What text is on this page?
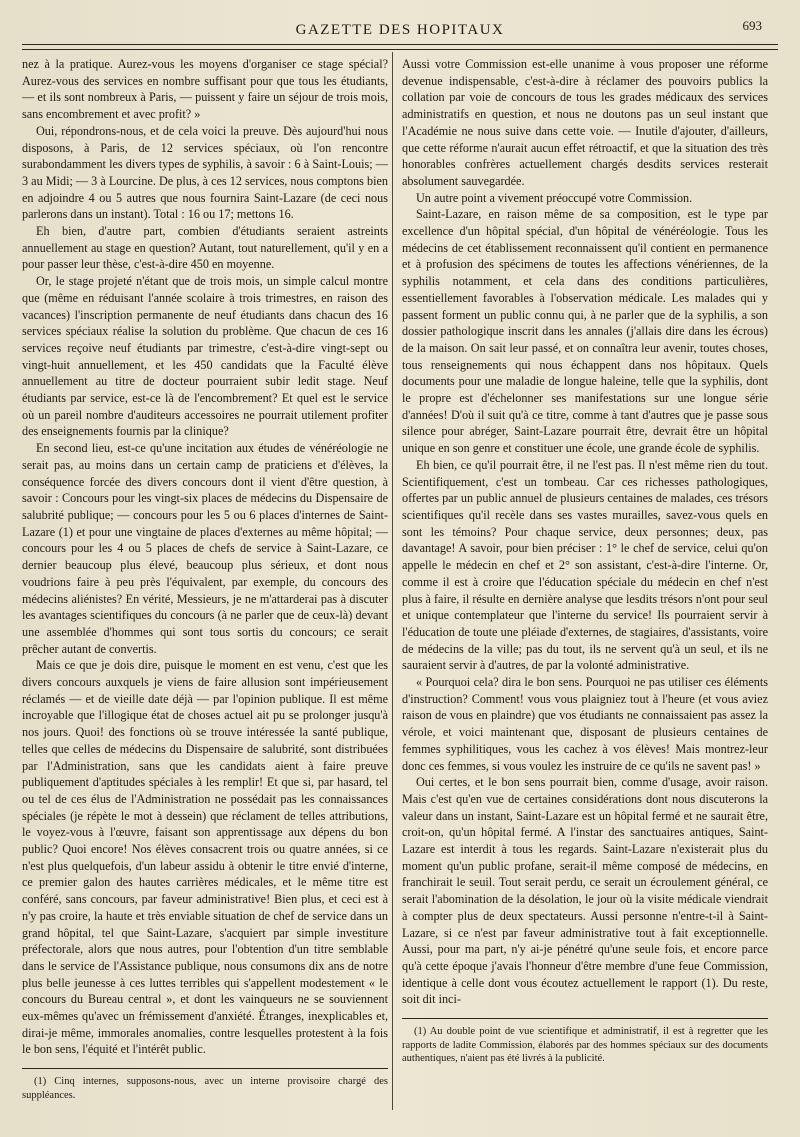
GAZETTE DES HOPITAUX	693

nez à la pratique. Aurez-vous les moyens d'organiser ce stage spécial? Aurez-vous des services en nombre suffisant pour que tous les étudiants, — et ils sont nombreux à Paris, — puissent y faire un séjour de trois mois, sans encombrement et avec profit? »

Oui, répondrons-nous, et de cela voici la preuve. Dès aujourd'hui nous disposons, à Paris, de 12 services spéciaux, où l'on rencontre surabondamment les divers types de syphilis, à savoir : 6 à Saint-Louis; — 3 au Midi; — 3 à Lourcine. De plus, à ces 12 services, nous comptons bien en adjoindre 4 ou 5 autres que nous fournira Saint-Lazare (de ceci nous parlerons dans un instant). Total : 16 ou 17; mettons 16.

Eh bien, d'autre part, combien d'étudiants seraient astreints annuellement au stage en question? Autant, tout naturellement, qu'il y en a pour passer leur thèse, c'est-à-dire 450 en moyenne.

Or, le stage projeté n'étant que de trois mois, un simple calcul montre que (même en réduisant l'année scolaire à trois trimestres, en raison des vacances) l'inscription permanente de neuf étudiants dans chacun des 16 services spéciaux réalise la solution du problème. Que chacun de ces 16 services reçoive neuf étudiants par trimestre, c'est-à-dire vingt-sept ou vingt-huit annuellement, et les 450 candidats que la Faculté élève annuellement au titre de docteur pourraient subir ledit stage. Neuf étudiants par service, est-ce là de l'encombrement? Et quel est le service où un pareil nombre d'auditeurs accessoires ne pourrait utilement profiter des enseignements fournis par la clinique?

En second lieu, est-ce qu'une incitation aux études de vénéréologie ne serait pas, au moins dans un certain camp de praticiens et d'élèves, la conséquence forcée des divers concours dont il vient d'être question, à savoir : Concours pour les vingt-six places de médecins du Dispensaire de salubrité publique; — concours pour les 5 ou 6 places d'internes de Saint-Lazare (1) et pour une vingtaine de places d'externes au même hôpital; — concours pour les 4 ou 5 places de chefs de service à Saint-Lazare, ce dernier beaucoup plus élevé, beaucoup plus sérieux, et dont nous voudrions faire à peu près l'équivalent, par exemple, du concours des médecins aliénistes? En vérité, Messieurs, je ne m'attarderai pas à discuter les avantages scientifiques du concours (à ne parler que de ceux-là) devant une assemblée d'hommes qui sont tous sortis du concours; ce serait prêcher autant de convertis.

Mais ce que je dois dire, puisque le moment en est venu, c'est que les divers concours auxquels je viens de faire allusion sont impérieusement réclamés — et de vieille date déjà — par l'opinion publique. Il est même incroyable que l'illogique état de choses actuel ait pu se prolonger jusqu'à nos jours. Quoi! des fonctions où se trouve intéressée la santé publique, telles que celles de médecins du Dispensaire de salubrité, sont distribuées par l'Administration, sans que les candidats aient à faire preuve publiquement d'aptitudes spéciales à les remplir! Et que si, par hasard, tel ou tel de ces élus de l'Administration ne possédait pas les connaissances spéciales (je répète le mot à dessein) que réclament de telles attributions, le voyez-vous à l'œuvre, faisant son apprentissage aux dépens du bon public? Quoi encore! Nos élèves consacrent trois ou quatre années, si ce n'est plus quelquefois, d'un labeur assidu à obtenir le titre envié d'interne, ce premier galon des hautes carrières médicales, et le même titre est conféré, sans concours, par faveur administrative! Bien plus, et ceci est à n'y pas croire, la haute et très enviable situation de chef de service dans un grand hôpital, tel que Saint-Lazare, s'acquiert par simple investiture préfectorale, alors que nous autres, pour l'obtention d'un titre semblable dans le service de l'Assistance publique, nous consumons dix ans de notre plus belle jeunesse à ces luttes terribles qui s'appellent modestement « le concours du Bureau central », et dont les vainqueurs ne se souviennent eux-mêmes qu'avec un frémissement d'anxiété. Étranges, inexplicables et, dirai-je même, immorales anomalies, contre lesquelles protestent à la fois le bon sens, l'équité et l'intérêt public.

(1) Cinq internes, supposons-nous, avec un interne provisoire chargé des suppléances.

Aussi votre Commission est-elle unanime à vous proposer une réforme devenue indispensable, c'est-à-dire à réclamer des pouvoirs publics la collation par voie de concours de tous les grades médicaux des services administratifs en question, et nous ne doutons pas un seul instant que l'Académie ne nous suive dans cette voie. — Inutile d'ajouter, d'ailleurs, que cette réforme n'aurait aucun effet rétroactif, et que la situation des très honorables confrères actuellement chargés desdits services resterait absolument sauvegardée.

Un autre point a vivement préoccupé votre Commission.

Saint-Lazare, en raison même de sa composition, est le type par excellence d'un hôpital spécial, d'un hôpital de vénéréologie. Tous les médecins de cet établissement reconnaissent qu'il contient en permanence et à profusion des spécimens de toutes les affections vénériennes, de la syphilis notamment, et cela dans des conditions particulières, essentiellement favorables à l'observation médicale. Les malades qui y passent forment un public connu qui, à ne parler que de la syphilis, a son dossier pathologique inscrit dans les annales (j'allais dire dans les écrous) de la maison. On sait leur passé, et on connaîtra leur avenir, toutes choses, tous renseignements qui nous échappent dans nos hôpitaux. Quels documents pour une maladie de longue haleine, telle que la syphilis, dont le propre est d'échelonner ses manifestations sur une longue série d'années! D'où il suit qu'à ce titre, comme à tant d'autres que je passe sous silence pour abréger, Saint-Lazare pourrait être, devrait être un hôpital unique en son genre et constituer une école, une grande école de syphilis.

Eh bien, ce qu'il pourrait être, il ne l'est pas. Il n'est même rien du tout. Scientifiquement, c'est un tombeau. Car ces richesses pathologiques, offertes par un public annuel de plusieurs centaines de malades, ces trésors scientifiques qu'il recèle dans ses vastes murailles, savez-vous quels en sont les témoins? Pour chaque service, deux personnes; deux, pas davantage! A savoir, pour bien préciser : 1° le chef de service, celui qu'on appelle le médecin en chef et 2° son assistant, c'est-à-dire l'interne. Or, comme il est à croire que l'éducation spéciale du médecin en chef n'est plus à faire, il résulte en dernière analyse que lesdits trésors n'ont pour seul et unique contemplateur que l'interne du service! Ils pourraient servir à l'éducation de toute une pléiade d'externes, de stagiaires, d'assistants, voire de médecins de la ville; pas du tout, ils ne servent qu'à un seul, et ils ne sauraient servir à d'autres, de par la volonté administrative.

« Pourquoi cela? dira le bon sens. Pourquoi ne pas utiliser ces éléments d'instruction? Comment! vous vous plaigniez tout à l'heure (et vous aviez raison de vous en plaindre) que vos étudiants ne connaissaient pas assez la vérole, et voici maintenant que, disposant de plusieurs centaines de femmes syphilitiques, vous les cachez à vos élèves! Mais montrez-leur donc ces femmes, si vous voulez les instruire de ce qu'ils ne savent pas! »

Oui certes, et le bon sens pourrait bien, comme d'usage, avoir raison. Mais c'est qu'en vue de certaines considérations dont nous discuterons la valeur dans un instant, Saint-Lazare est un hôpital fermé et ne saurait être, croit-on, qu'un hôpital fermé. A l'instar des sanctuaires antiques, Saint-Lazare est interdit à tous les regards. Saint-Lazare n'existerait plus du moment qu'un public profane, serait-il même composé de médecins, en franchirait le seuil. Tout serait perdu, ce serait un écroulement général, ce serait l'abomination de la désolation, le jour où la visite médicale viendrait à compter plus de deux spectateurs. Aussi personne n'entre-t-il à Saint-Lazare, si ce n'est par faveur administrative tout à fait exceptionnelle. Aussi, pour ma part, n'y ai-je pénétré qu'une seule fois, et encore parce qu'à cette époque j'avais l'honneur d'être membre d'une feue Commission, identique à celle dont vous écoutez actuellement le rapport (1). Du reste, soit dit inci-

(1) Au double point de vue scientifique et administratif, il est à regretter que les rapports de ladite Commission, élaborés par des hommes spéciaux sur des documents authentiques, n'aient pas été livrés à la publicité.
